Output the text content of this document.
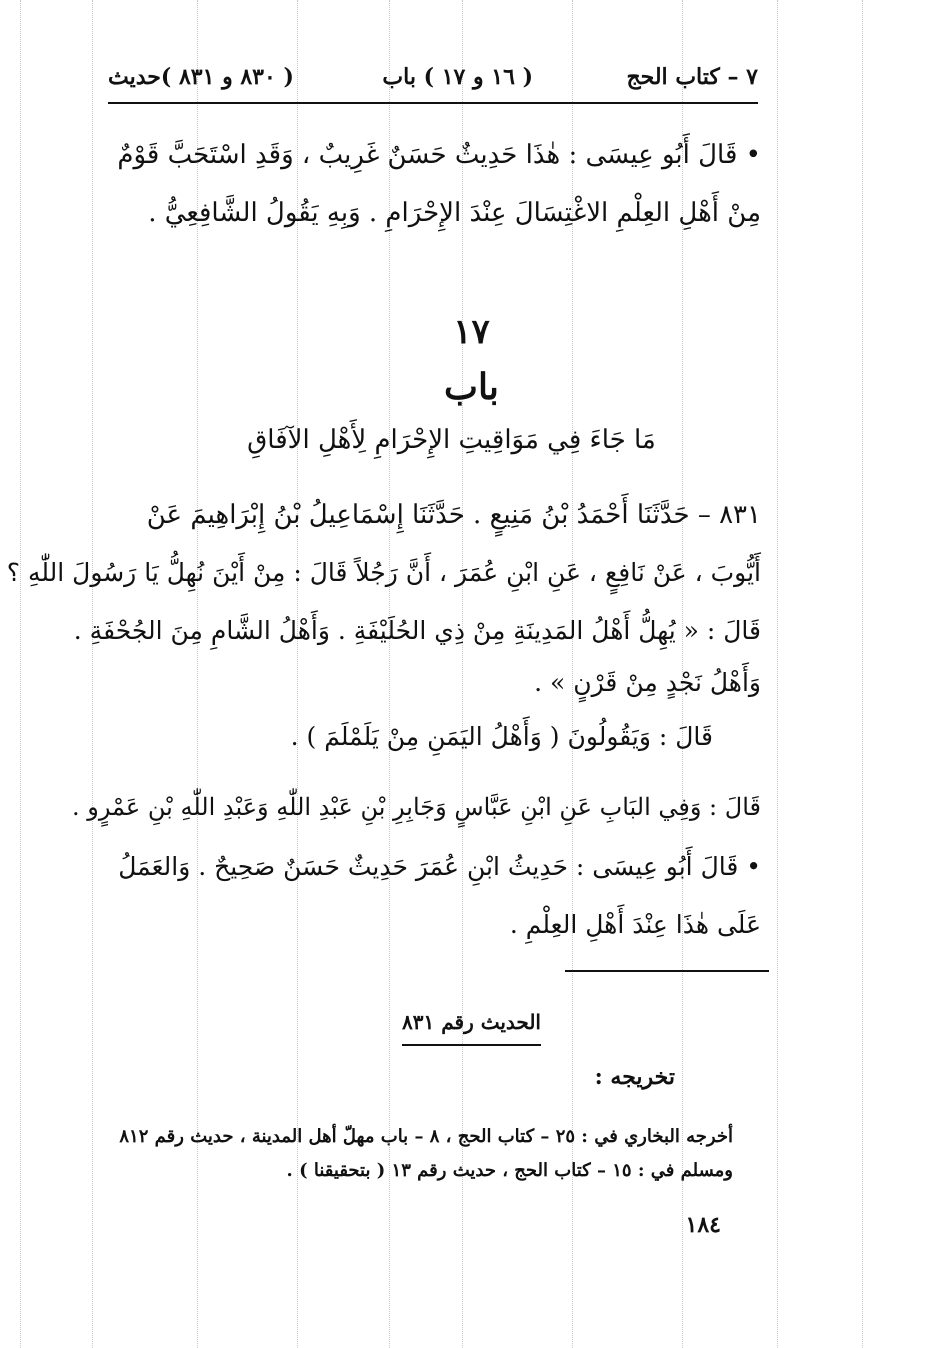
٧ – كتاب الحج
( ١٦ و ١٧ ) باب
( ٨٣٠ و ٨٣١ )حديث
• قَالَ أَبُو عِيسَى : هٰذَا حَدِيثٌ حَسَنٌ غَرِيبٌ ، وَقَدِ اسْتَحَبَّ قَوْمٌ
مِنْ أَهْلِ العِلْمِ الاغْتِسَالَ عِنْدَ الإِحْرَامِ . وَبِهِ يَقُولُ الشَّافِعِيُّ .
١٧
باب
مَا جَاءَ فِي مَوَاقِيتِ الإِحْرَامِ لِأَهْلِ الآفَاقِ
٨٣١ – حَدَّثَنَا أَحْمَدُ بْنُ مَنِيعٍ . حَدَّثَنَا إِسْمَاعِيلُ بْنُ إِبْرَاهِيمَ عَنْ
أَيُّوبَ ، عَنْ نَافِعٍ ، عَنِ ابْنِ عُمَرَ ، أَنَّ رَجُلاً قَالَ : مِنْ أَيْنَ نُهِلُّ يَا رَسُولَ اللّٰهِ ؟
قَالَ : « يُهِلُّ أَهْلُ المَدِينَةِ مِنْ ذِي الحُلَيْفَةِ . وَأَهْلُ الشَّامِ مِنَ الجُحْفَةِ .
وَأَهْلُ نَجْدٍ مِنْ قَرْنٍ » .
قَالَ : وَيَقُولُونَ ( وَأَهْلُ اليَمَنِ مِنْ يَلَمْلَمَ ) .
قَالَ : وَفِي البَابِ عَنِ ابْنِ عَبَّاسٍ وَجَابِرِ بْنِ عَبْدِ اللّٰهِ وَعَبْدِ اللّٰهِ بْنِ عَمْرٍو .
• قَالَ أَبُو عِيسَى : حَدِيثُ ابْنِ عُمَرَ حَدِيثٌ حَسَنٌ صَحِيحٌ . وَالعَمَلُ
عَلَى هٰذَا عِنْدَ أَهْلِ العِلْمِ .
الحديث رقم ٨٣١
تخريجه :
أخرجه البخاري في : ٢٥ – كتاب الحج ، ٨ – باب مهلّ أهل المدينة ، حديث رقم ٨١٢
ومسلم في : ١٥ – كتاب الحج ، حديث رقم ١٣ ( بتحقيقنا ) .
١٨٤
